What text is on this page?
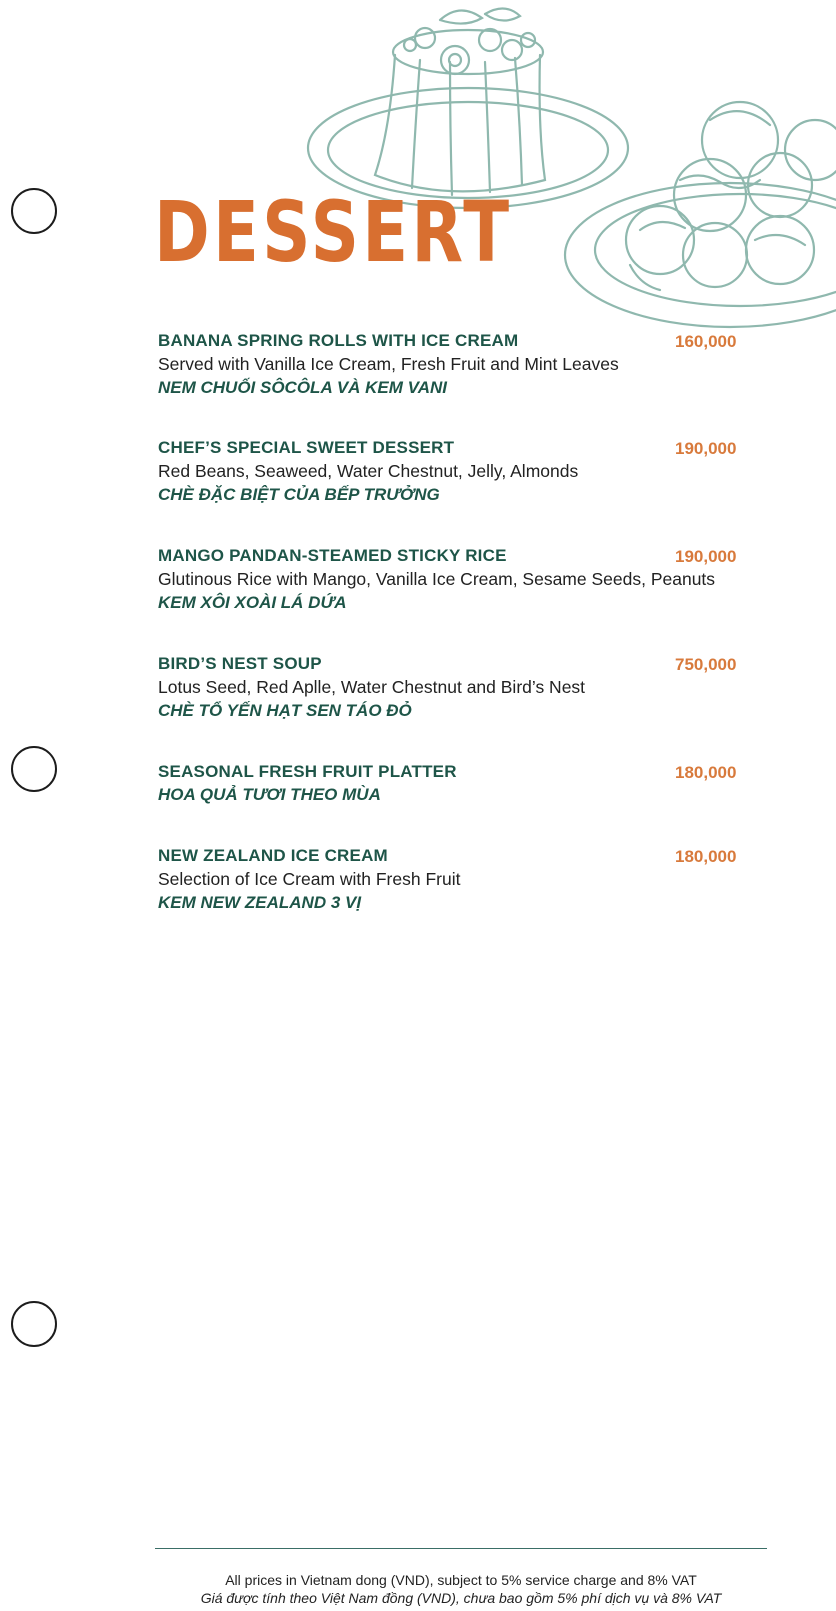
DESSERT
BANANA SPRING ROLLS WITH ICE CREAM	160,000
Served with Vanilla Ice Cream, Fresh Fruit and Mint Leaves
NEM CHUỐI SÔCÔLA VÀ KEM VANI
CHEF’S SPECIAL SWEET DESSERT	190,000
Red Beans, Seaweed, Water Chestnut, Jelly, Almonds
CHÈ ĐẶC BIỆT CỦA BẾP TRƯỞNG
MANGO PANDAN-STEAMED STICKY RICE	190,000
Glutinous Rice with Mango, Vanilla Ice Cream, Sesame Seeds, Peanuts
KEM XÔI XOÀI LÁ DỨA
BIRD’S NEST SOUP	750,000
Lotus Seed, Red Aplle, Water Chestnut and Bird’s Nest
CHÈ TỔ YẾN HẠT SEN TÁO ĐỎ
SEASONAL FRESH FRUIT PLATTER	180,000
HOA QUẢ TƯƠI THEO MÙA
NEW ZEALAND ICE CREAM	180,000
Selection of Ice Cream with Fresh Fruit
KEM NEW ZEALAND 3 VỊ
All prices in Vietnam dong (VND), subject to 5% service charge and 8% VAT
Giá được tính theo Việt Nam đồng (VND), chưa bao gồm 5% phí dịch vụ và 8% VAT
